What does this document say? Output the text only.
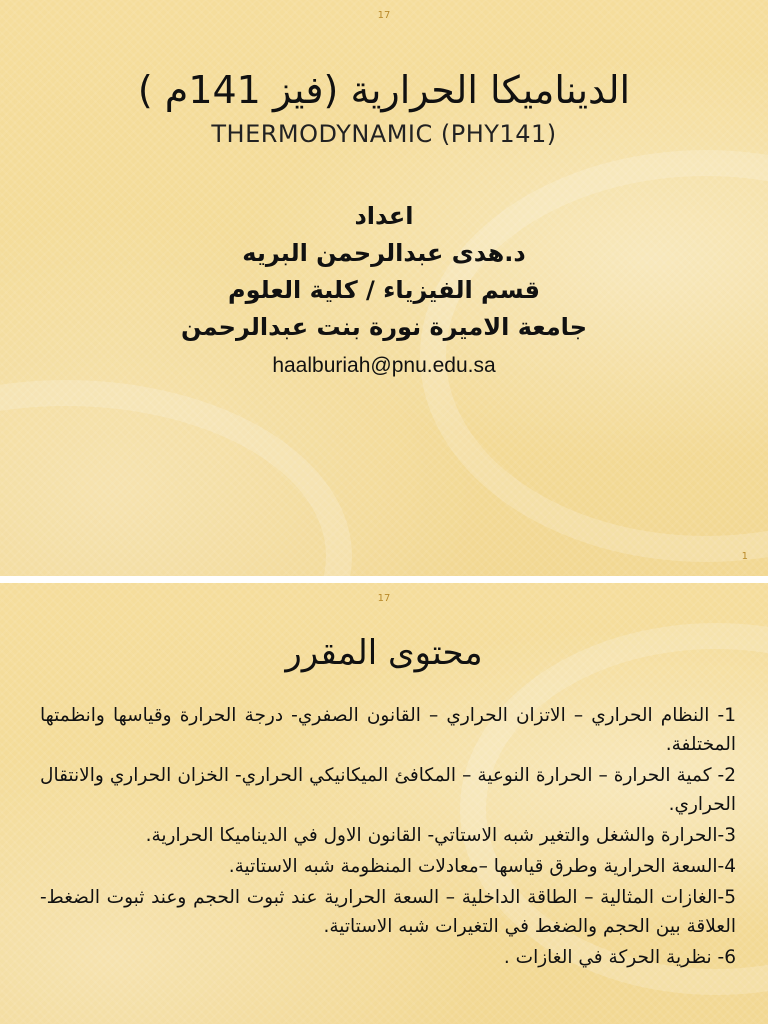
17
الديناميكا الحرارية (فيز 141م )
THERMODYNAMIC (PHY141)
اعداد
د.هدى عبدالرحمن البريه
قسم الفيزياء / كلية العلوم
جامعة الاميرة نورة بنت عبدالرحمن
haalburiah@pnu.edu.sa
1
17
محتوى المقرر

1- النظام الحراري – الاتزان الحراري – القانون الصفري- درجة الحرارة وقياسها وانظمتها المختلفة.

2- كمية الحرارة – الحرارة النوعية – المكافئ الميكانيكي الحراري- الخزان الحراري والانتقال الحراري.

3-الحرارة والشغل والتغير شبه الاستاتي- القانون الاول في الديناميكا الحرارية.

4-السعة الحرارية وطرق قياسها –معادلات المنظومة شبه الاستاتية.

5-الغازات المثالية – الطاقة الداخلية – السعة الحرارية عند ثبوت الحجم وعند ثبوت الضغط-العلاقة بين الحجم والضغط في التغيرات شبه الاستاتية.

6- نظرية الحركة في الغازات .
